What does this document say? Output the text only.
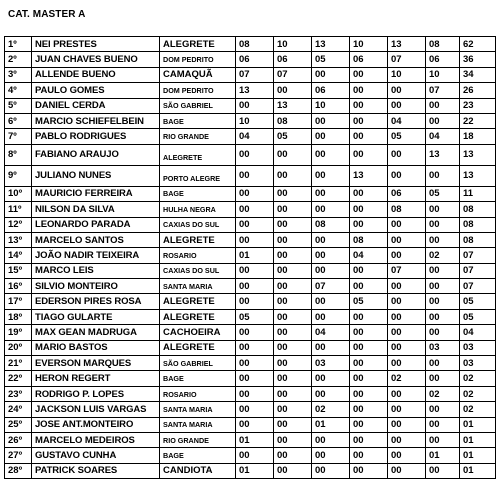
CAT. MASTER A
1º	NEI PRESTES	ALEGRETE	08	10	13	10	13	08	62
2º	JUAN CHAVES BUENO	DOM PEDRITO	06	06	05	06	07	06	36
3º	ALLENDE BUENO	CAMAQUÃ	07	07	00	00	10	10	34
4º	PAULO GOMES	DOM PEDRITO	13	00	06	00	00	07	26
5º	DANIEL CERDA	SÃO GABRIEL	00	13	10	00	00	00	23
6º	MARCIO SCHIEFELBEIN	BAGE	10	08	00	00	04	00	22
7º	PABLO RODRIGUES	RIO GRANDE	04	05	00	00	05	04	18
8º	FABIANO ARAUJO	ALEGRETE	00	00	00	00	00	13	13
9º	JULIANO NUNES	PORTO ALEGRE	00	00	00	13	00	00	13
10º	MAURICIO FERREIRA	BAGE	00	00	00	00	06	05	11
11º	NILSON DA SILVA	HULHA NEGRA	00	00	00	00	08	00	08
12º	LEONARDO PARADA	CAXIAS DO SUL	00	00	08	00	00	00	08
13º	MARCELO SANTOS	ALEGRETE	00	00	00	08	00	00	08
14º	JOÃO NADIR TEIXEIRA	ROSARIO	01	00	00	04	00	02	07
15º	MARCO LEIS	CAXIAS DO SUL	00	00	00	00	07	00	07
16º	SILVIO MONTEIRO	SANTA MARIA	00	00	07	00	00	00	07
17º	EDERSON PIRES ROSA	ALEGRETE	00	00	00	05	00	00	05
18º	TIAGO GULARTE	ALEGRETE	05	00	00	00	00	00	05
19º	MAX GEAN MADRUGA	CACHOEIRA	00	00	04	00	00	00	04
20º	MARIO BASTOS	ALEGRETE	00	00	00	00	00	03	03
21º	EVERSON MARQUES	SÃO GABRIEL	00	00	03	00	00	00	03
22º	HERON REGERT	BAGE	00	00	00	00	02	00	02
23º	RODRIGO P. LOPES	ROSARIO	00	00	00	00	00	02	02
24º	JACKSON LUIS VARGAS	SANTA MARIA	00	00	02	00	00	00	02
25º	JOSE ANT.MONTEIRO	SANTA MARIA	00	00	01	00	00	00	01
26º	MARCELO MEDEIROS	RIO GRANDE	01	00	00	00	00	00	01
27º	GUSTAVO CUNHA	BAGE	00	00	00	00	00	01	01
28º	PATRICK SOARES	CANDIOTA	01	00	00	00	00	00	01
